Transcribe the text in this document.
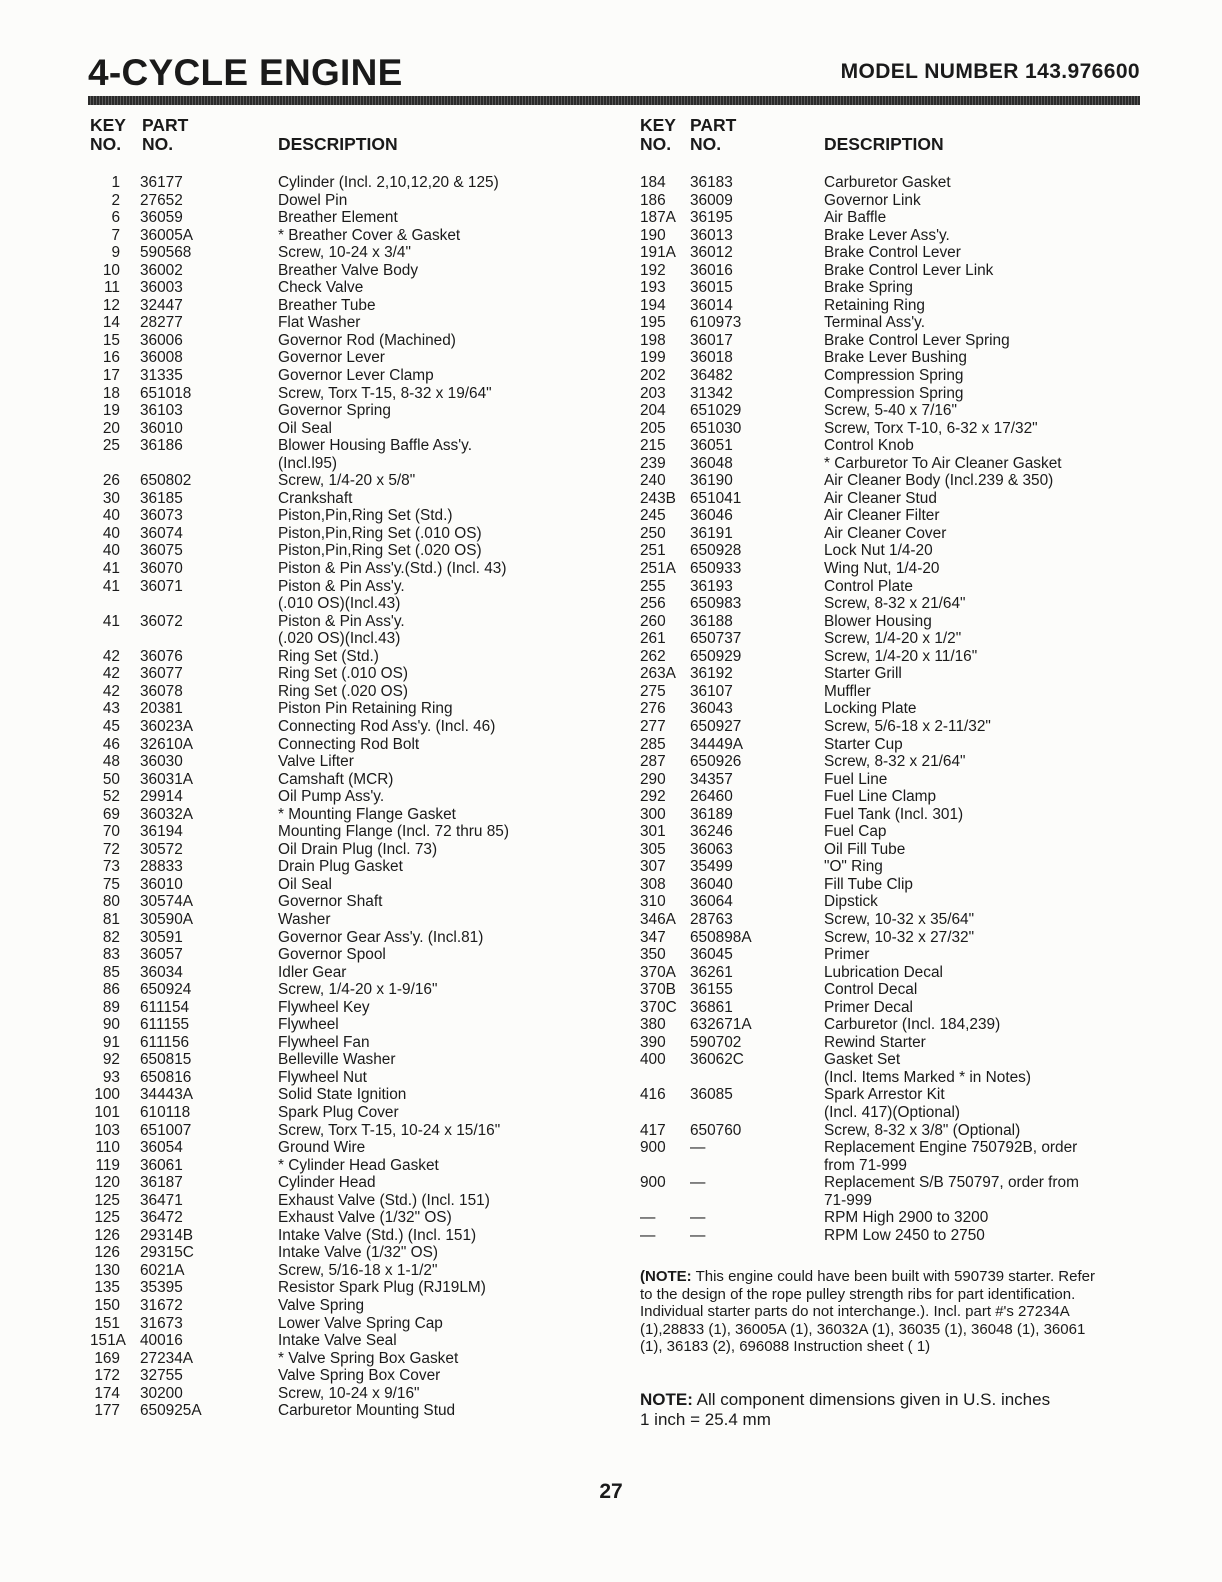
4-CYCLE ENGINE	MODEL NUMBER 143.976600
KEY
NO.
PART
NO.	DESCRIPTION
1	36177	Cylinder (Incl. 2,10,12,20 & 125)
2	27652	Dowel Pin
6	36059	Breather Element
7	36005A	* Breather Cover & Gasket
9	590568	Screw, 10-24 x 3/4"
10	36002	Breather Valve Body
11	36003	Check Valve
12	32447	Breather Tube
14	28277	Flat Washer
15	36006	Governor Rod (Machined)
16	36008	Governor Lever
17	31335	Governor Lever Clamp
18	651018	Screw, Torx T-15, 8-32 x 19/64"
19	36103	Governor Spring
20	36010	Oil Seal
25	36186	Blower Housing Baffle Ass'y.
(Incl.l95)
26	650802	Screw, 1/4-20 x 5/8"
30	36185	Crankshaft
40	36073	Piston,Pin,Ring Set (Std.)
40	36074	Piston,Pin,Ring Set (.010 OS)
40	36075	Piston,Pin,Ring Set (.020 OS)
41	36070	Piston & Pin Ass'y.(Std.) (Incl. 43)
41	36071	Piston & Pin Ass'y.
(.010 OS)(Incl.43)
41	36072	Piston & Pin Ass'y.
(.020 OS)(Incl.43)
42	36076	Ring Set (Std.)
42	36077	Ring Set (.010 OS)
42	36078	Ring Set (.020 OS)
43	20381	Piston Pin Retaining Ring
45	36023A	Connecting Rod Ass'y. (Incl. 46)
46	32610A	Connecting Rod Bolt
48	36030	Valve Lifter
50	36031A	Camshaft (MCR)
52	29914	Oil Pump Ass'y.
69	36032A	* Mounting Flange Gasket
70	36194	Mounting Flange (Incl. 72 thru 85)
72	30572	Oil Drain Plug (Incl. 73)
73	28833	Drain Plug Gasket
75	36010	Oil Seal
80	30574A	Governor Shaft
81	30590A	Washer
82	30591	Governor Gear Ass'y. (Incl.81)
83	36057	Governor Spool
85	36034	Idler Gear
86	650924	Screw, 1/4-20 x 1-9/16"
89	611154	Flywheel Key
90	611155	Flywheel
91	611156	Flywheel Fan
92	650815	Belleville Washer
93	650816	Flywheel Nut
100	34443A	Solid State Ignition
101	610118	Spark Plug Cover
103	651007	Screw, Torx T-15, 10-24 x 15/16"
110	36054	Ground Wire
119	36061	* Cylinder Head Gasket
120	36187	Cylinder Head
125	36471	Exhaust Valve (Std.) (Incl. 151)
125	36472	Exhaust Valve (1/32" OS)
126	29314B	Intake Valve (Std.) (Incl. 151)
126	29315C	Intake Valve (1/32" OS)
130	6021A	Screw, 5/16-18 x 1-1/2"
135	35395	Resistor Spark Plug (RJ19LM)
150	31672	Valve Spring
151	31673	Lower Valve Spring Cap
151A 40016	Intake Valve Seal
169	27234A	* Valve Spring Box Gasket
172	32755	Valve Spring Box Cover
174	30200	Screw, 10-24 x 9/16"
177	650925A	Carburetor Mounting Stud
KEY
NO.
PART
NO.	DESCRIPTION
184	36183	Carburetor Gasket
186	36009	Governor Link
187A 36195	Air Baffle
190	36013	Brake Lever Ass'y.
191A 36012	Brake Control Lever
192	36016	Brake Control Lever Link
193	36015	Brake Spring
194	36014	Retaining Ring
195	610973	Terminal Ass'y.
198	36017	Brake Control Lever Spring
199	36018	Brake Lever Bushing
202	36482	Compression Spring
203	31342	Compression Spring
204	651029	Screw, 5-40 x 7/16"
205	651030	Screw, Torx T-10, 6-32 x 17/32"
215	36051	Control Knob
239	36048	* Carburetor To Air Cleaner Gasket
240	36190	Air Cleaner Body (Incl.239 & 350)
243B 651041	Air Cleaner Stud
245	36046	Air Cleaner Filter
250	36191	Air Cleaner Cover
251	650928	Lock Nut 1/4-20
251A 650933	Wing Nut, 1/4-20
255	36193	Control Plate
256	650983	Screw, 8-32 x 21/64"
260	36188	Blower Housing
261	650737	Screw, 1/4-20 x 1/2"
262	650929	Screw, 1/4-20 x 11/16"
263A 36192	Starter Grill
275	36107	Muffler
276	36043	Locking Plate
277	650927	Screw, 5/6-18 x 2-11/32"
285	34449A	Starter Cup
287	650926	Screw, 8-32 x 21/64"
290	34357	Fuel Line
292	26460	Fuel Line Clamp
300	36189	Fuel Tank (Incl. 301)
301	36246	Fuel Cap
305	36063	Oil Fill Tube
307	35499	"O" Ring
308	36040	Fill Tube Clip
310	36064	Dipstick
346A 28763	Screw, 10-32 x 35/64"
347	650898A	Screw, 10-32 x 27/32"
350	36045	Primer
370A 36261	Lubrication Decal
370B 36155	Control Decal
370C 36861	Primer Decal
380	632671A	Carburetor (Incl. 184,239)
390	590702	Rewind Starter
400	36062C	Gasket Set
(Incl. Items Marked * in Notes)
416	36085	Spark Arrestor Kit
(Incl. 417)(Optional)
417	650760	Screw, 8-32 x 3/8" (Optional)
900	—	Replacement Engine 750792B, order
from 71-999
900	—	Replacement S/B 750797, order from
71-999
—	—	RPM High 2900 to 3200
—	—	RPM Low 2450 to 2750

(NOTE: This engine could have been built with 590739 starter. Refer to the design of the rope pulley strength ribs for part identification. Individual starter parts do not interchange.). Incl. part #'s 27234A (1),28833 (1), 36005A (1), 36032A (1), 36035 (1), 36048 (1), 36061 (1), 36183 (2), 696088 Instruction sheet ( 1)

NOTE: All component dimensions given in U.S. inches
1 inch = 25.4 mm

27
